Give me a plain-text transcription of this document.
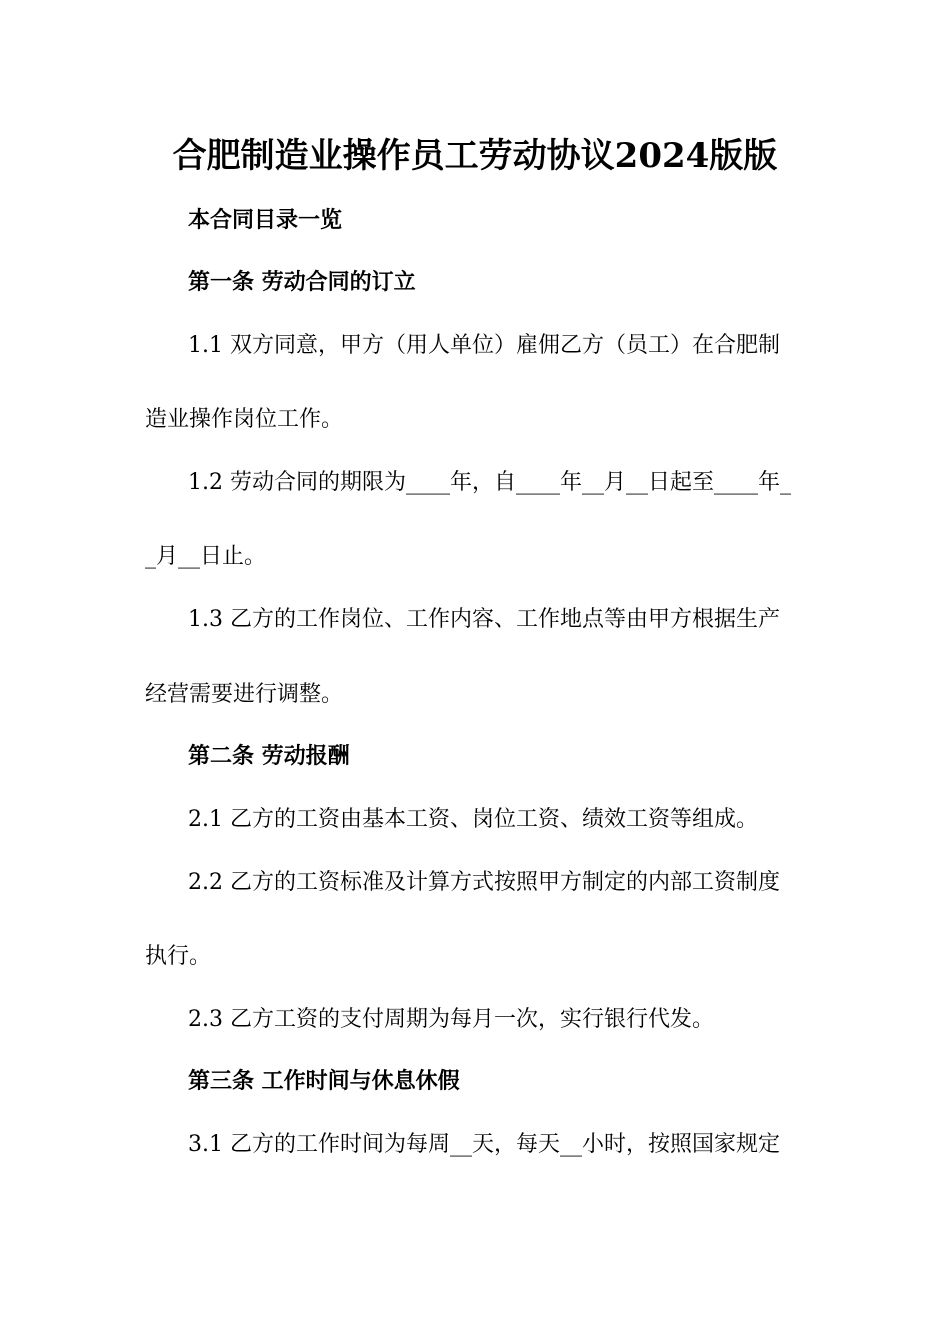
合肥制造业操作员工劳动协议2024版版
本合同目录一览
第一条 劳动合同的订立
1.1 双方同意，甲方（用人单位）雇佣乙方（员工）在合肥制
造业操作岗位工作。
1.2 劳动合同的期限为____年，自____年__月__日起至____年_
_月__日止。
1.3 乙方的工作岗位、工作内容、工作地点等由甲方根据生产
经营需要进行调整。
第二条 劳动报酬
2.1 乙方的工资由基本工资、岗位工资、绩效工资等组成。
2.2 乙方的工资标准及计算方式按照甲方制定的内部工资制度
执行。
2.3 乙方工资的支付周期为每月一次，实行银行代发。
第三条 工作时间与休息休假
3.1 乙方的工作时间为每周__天，每天__小时，按照国家规定
